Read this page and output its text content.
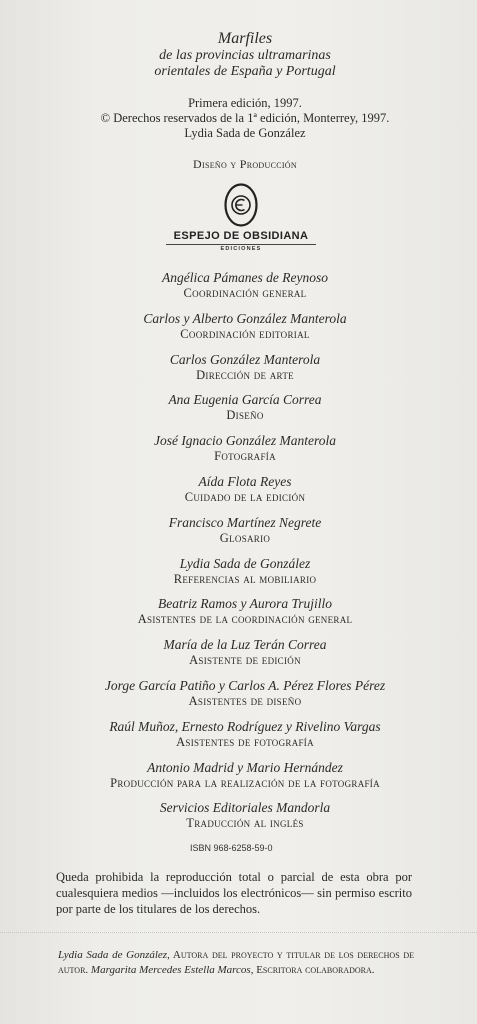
Marfiles
de las provincias ultramarinas
orientales de España y Portugal
Primera edición, 1997.
© Derechos reservados de la 1ª edición, Monterrey, 1997.
Lydia Sada de González
Diseño y Producción
ESPEJO DE OBSIDIANA
EDICIONES
Angélica Pámanes de Reynoso
Coordinación general
Carlos y Alberto González Manterola
Coordinación editorial
Carlos González Manterola
Dirección de arte
Ana Eugenia García Correa
Diseño
José Ignacio González Manterola
Fotografía
Aída Flota Reyes
Cuidado de la edición
Francisco Martínez Negrete
Glosario
Lydia Sada de González
Referencias al mobiliario
Beatriz Ramos y Aurora Trujillo
Asistentes de la coordinación general
María de la Luz Terán Correa
Asistente de edición
Jorge García Patiño y Carlos A. Pérez Flores Pérez
Asistentes de diseño
Raúl Muñoz, Ernesto Rodríguez y Rivelino Vargas
Asistentes de fotografía
Antonio Madrid y Mario Hernández
Producción para la realización de la fotografía
Servicios Editoriales Mandorla
Traducción al inglés
ISBN 968-6258-59-0
Queda prohibida la reproducción total o parcial de esta obra por cualesquiera medios —incluidos los electrónicos— sin permiso escrito por parte de los titulares de los derechos.
Lydia Sada de González, Autora del proyecto y titular de los derechos de autor. Margarita Mercedes Estella Marcos, Escritora colaboradora.
